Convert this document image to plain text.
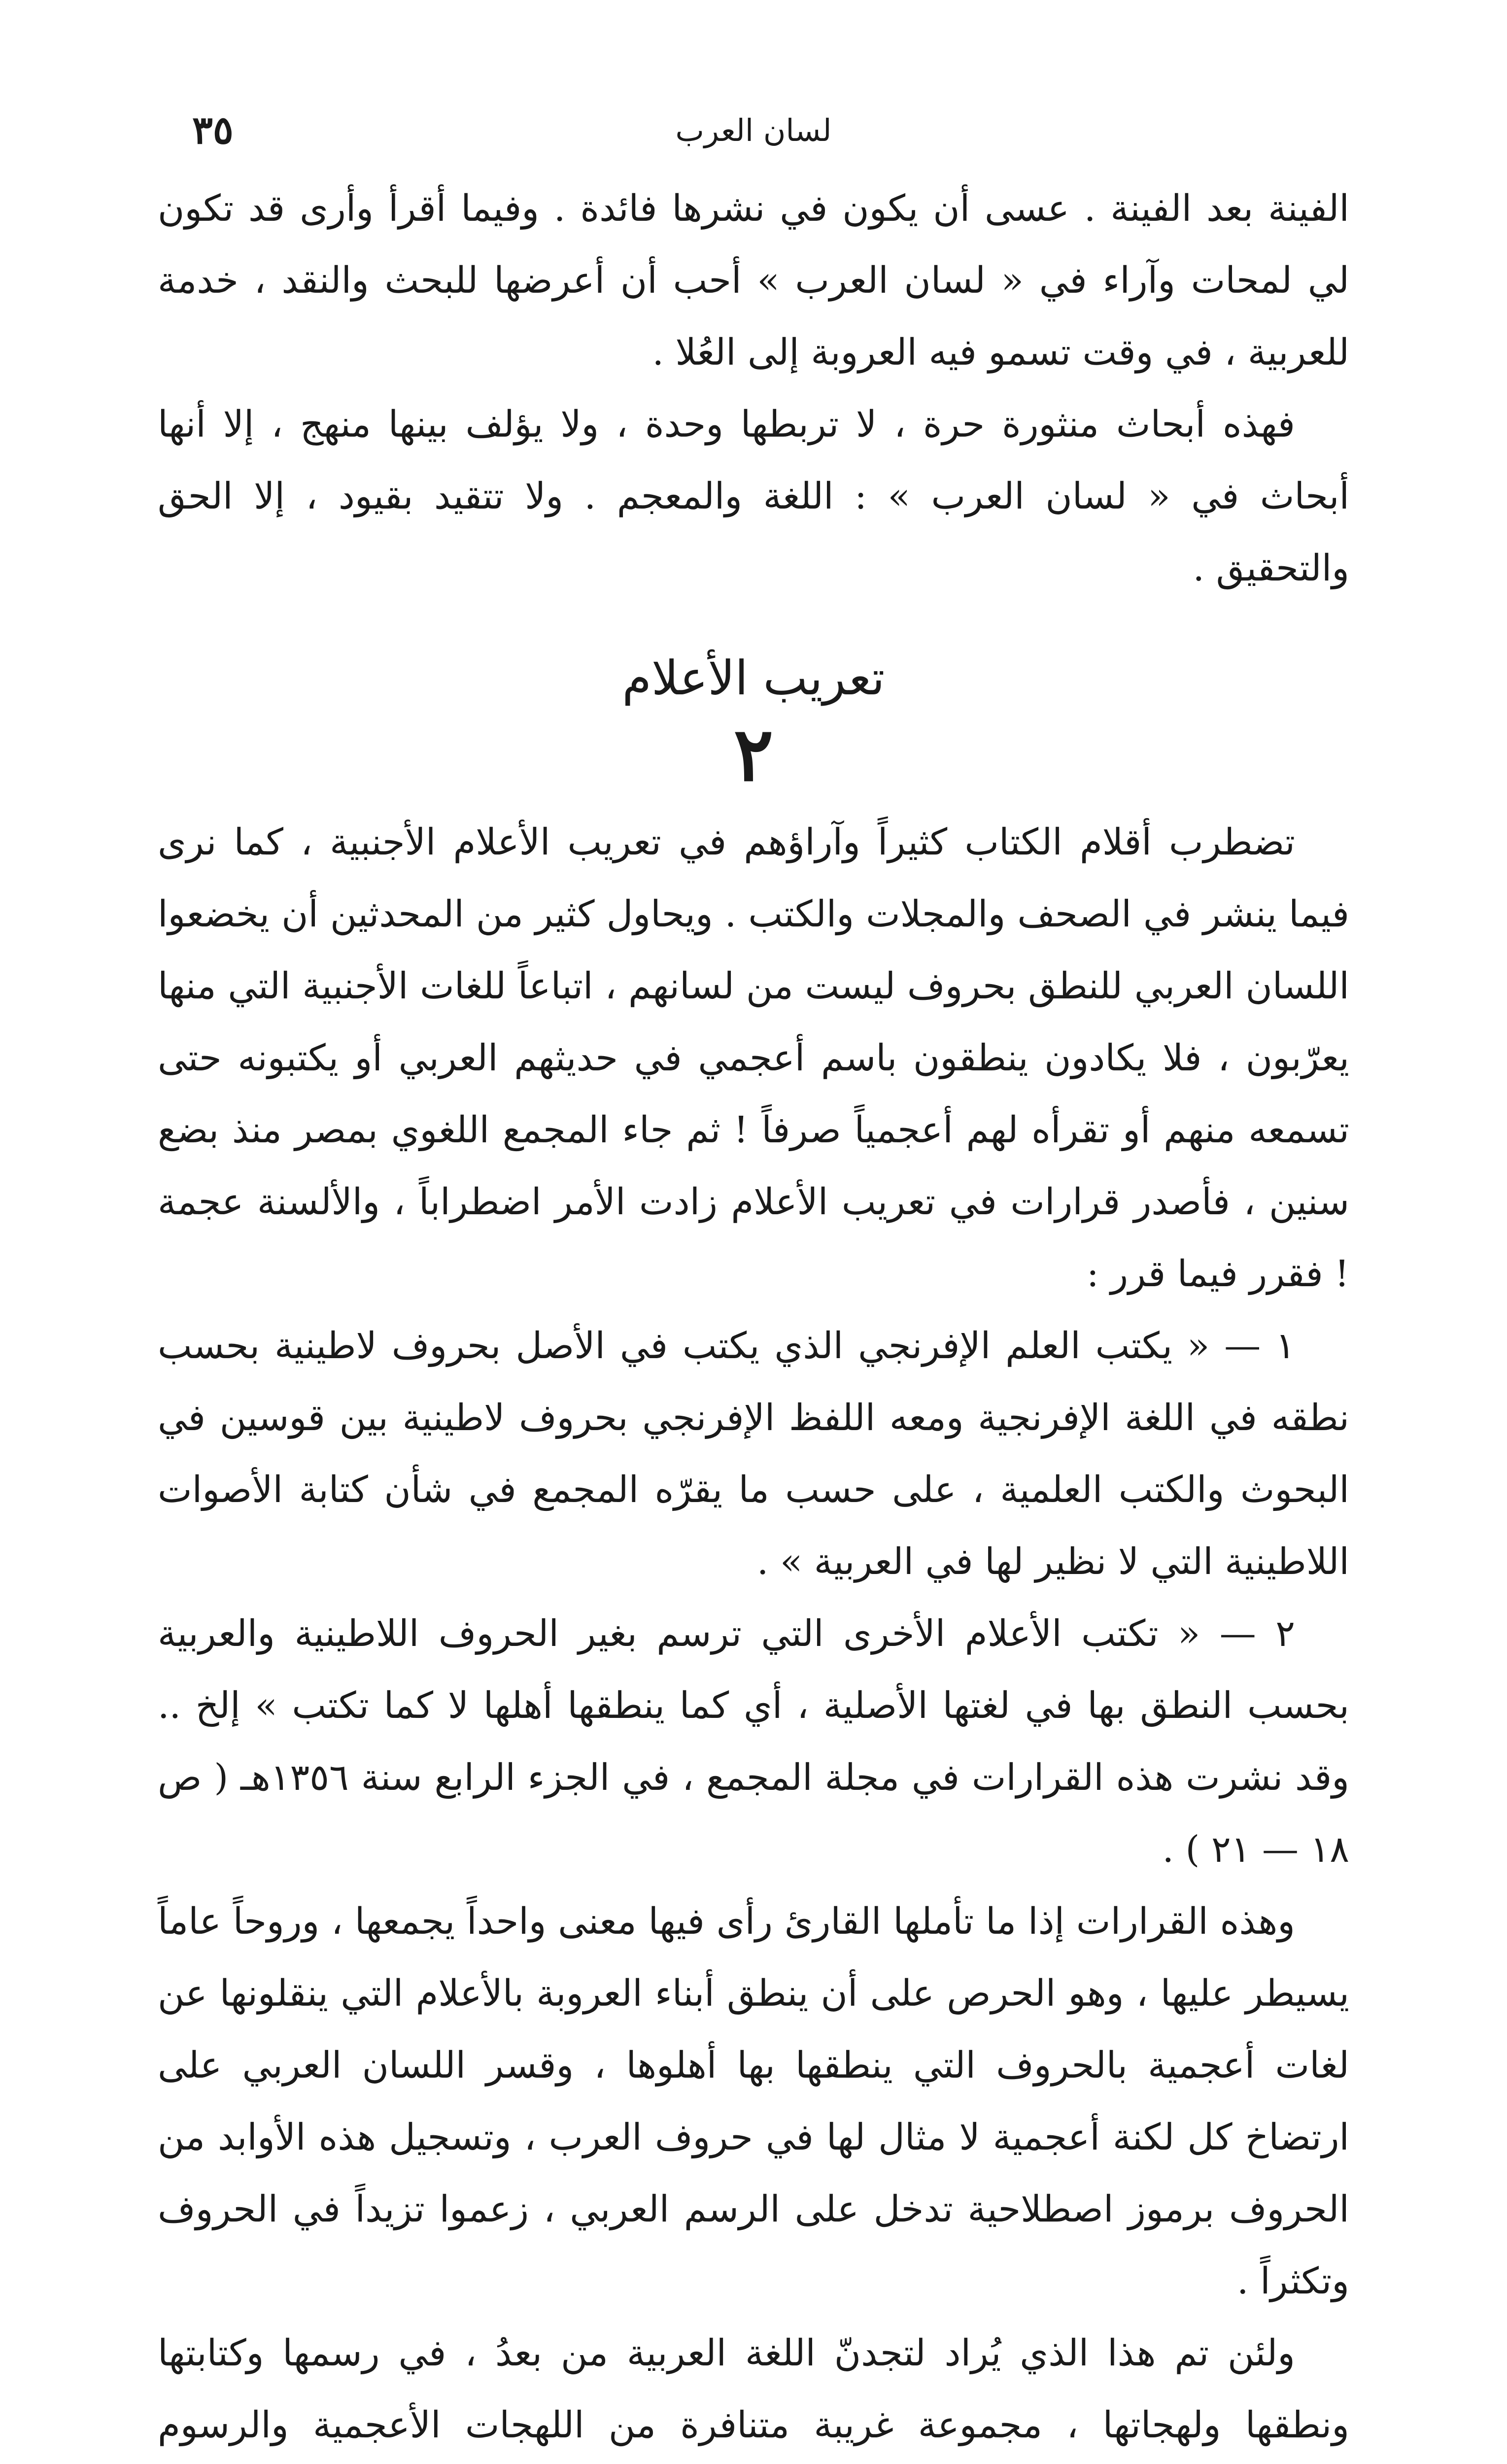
لسان العرب
٣٥

الفينة بعد الفينة . عسى أن يكون في نشرها فائدة . وفيما أقرأ وأرى قد تكون لي لمحات وآراء في « لسان العرب » أحب أن أعرضها للبحث والنقد ، خدمة للعربية ، في وقت تسمو فيه العروبة إلى العُلا .

فهذه أبحاث منثورة حرة ، لا تربطها وحدة ، ولا يؤلف بينها منهج ، إلا أنها أبحاث في « لسان العرب » : اللغة والمعجم . ولا تتقيد بقيود ، إلا الحق والتحقيق .

تعريب الأعلام
٢

تضطرب أقلام الكتاب كثيراً وآراؤهم في تعريب الأعلام الأجنبية ، كما نرى فيما ينشر في الصحف والمجلات والكتب . ويحاول كثير من المحدثين أن يخضعوا اللسان العربي للنطق بحروف ليست من لسانهم ، اتباعاً للغات الأجنبية التي منها يعرّبون ، فلا يكادون ينطقون باسم أعجمي في حديثهم العربي أو يكتبونه حتى تسمعه منهم أو تقرأه لهم أعجمياً صرفاً ! ثم جاء المجمع اللغوي بمصر منذ بضع سنين ، فأصدر قرارات في تعريب الأعلام زادت الأمر اضطراباً ، والألسنة عجمة ! فقرر فيما قرر :

١ — « يكتب العلم الإفرنجي الذي يكتب في الأصل بحروف لاطينية بحسب نطقه في اللغة الإفرنجية ومعه اللفظ الإفرنجي بحروف لاطينية بين قوسين في البحوث والكتب العلمية ، على حسب ما يقرّه المجمع في شأن كتابة الأصوات اللاطينية التي لا نظير لها في العربية » .

٢ — « تكتب الأعلام الأخرى التي ترسم بغير الحروف اللاطينية والعربية بحسب النطق بها في لغتها الأصلية ، أي كما ينطقها أهلها لا كما تكتب » إلخ .. وقد نشرت هذه القرارات في مجلة المجمع ، في الجزء الرابع سنة ١٣٥٦هـ ( ص ١٨ — ٢١ ) .

وهذه القرارات إذا ما تأملها القارئ رأى فيها معنى واحداً يجمعها ، وروحاً عاماً يسيطر عليها ، وهو الحرص على أن ينطق أبناء العروبة بالأعلام التي ينقلونها عن لغات أعجمية بالحروف التي ينطقها بها أهلوها ، وقسر اللسان العربي على ارتضاخ كل لكنة أعجمية لا مثال لها في حروف العرب ، وتسجيل هذه الأوابد من الحروف برموز اصطلاحية تدخل على الرسم العربي ، زعموا تزيداً في الحروف وتكثراً .

ولئن تم هذا الذي يُراد لتجدنّ اللغة العربية من بعدُ ، في رسمها وكتابتها ونطقها ولهجاتها ، مجموعة غريبة متنافرة من اللهجات الأعجمية والرسوم
